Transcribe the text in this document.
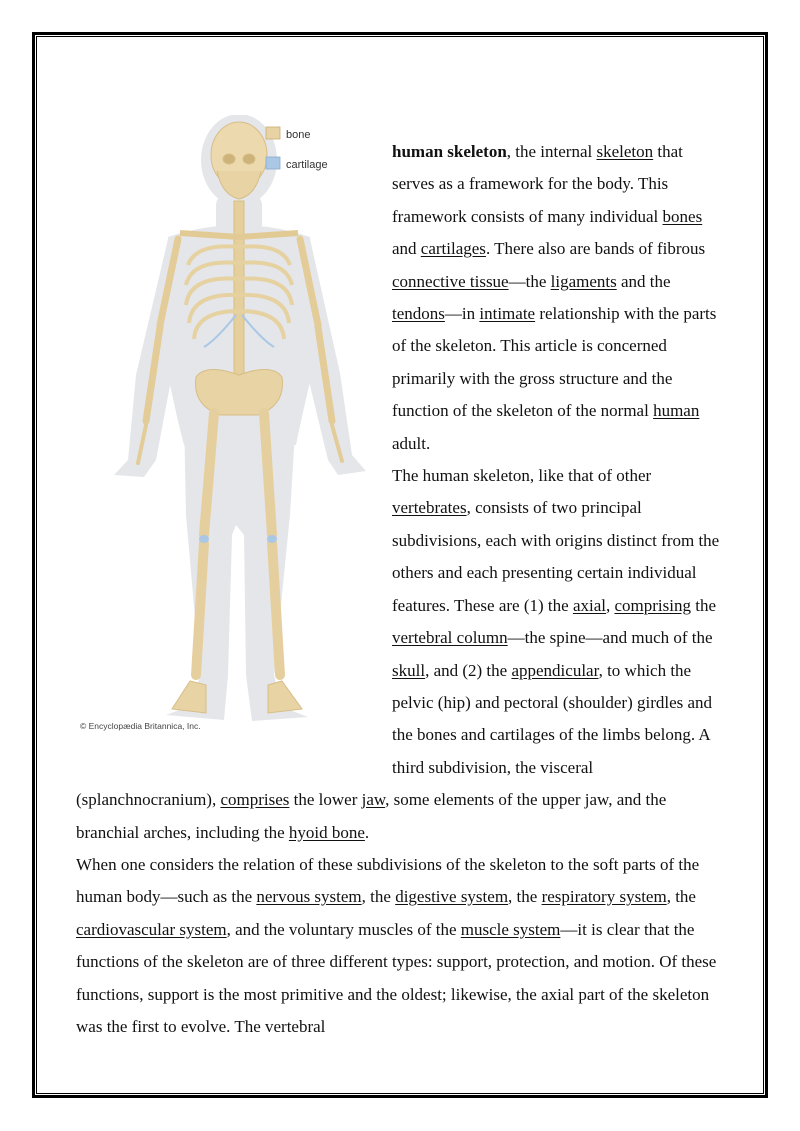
bone
cartilage
© Encyclopædia Britannica, Inc.

human skeleton, the internal skeleton that serves as a framework for the body. This framework consists of many individual bones and cartilages. There also are bands of fibrous connective tissue—the ligaments and the tendons—in intimate relationship with the parts of the skeleton. This article is concerned primarily with the gross structure and the function of the skeleton of the normal human adult.

The human skeleton, like that of other vertebrates, consists of two principal subdivisions, each with origins distinct from the others and each presenting certain individual features. These are (1) the axial, comprising the vertebral column—the spine—and much of the skull, and (2) the appendicular, to which the pelvic (hip) and pectoral (shoulder) girdles and the bones and cartilages of the limbs belong. A third subdivision, the visceral (splanchnocranium), comprises the lower jaw, some elements of the upper jaw, and the branchial arches, including the hyoid bone.

When one considers the relation of these subdivisions of the skeleton to the soft parts of the human body—such as the nervous system, the digestive system, the respiratory system, the cardiovascular system, and the voluntary muscles of the muscle system—it is clear that the functions of the skeleton are of three different types: support, protection, and motion. Of these functions, support is the most primitive and the oldest; likewise, the axial part of the skeleton was the first to evolve. The vertebral
